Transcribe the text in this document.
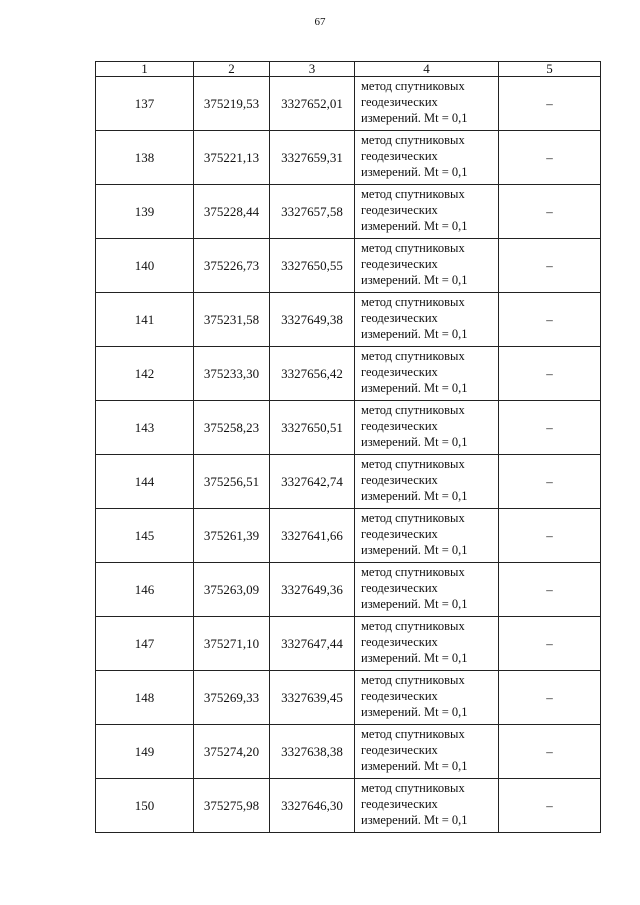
67
1	2	3	4	5
137	375219,53	3327652,01	метод спутниковых
геодезических
измерений. Mt = 0,1	–
138	375221,13	3327659,31	метод спутниковых
геодезических
измерений. Mt = 0,1	–
139	375228,44	3327657,58	метод спутниковых
геодезических
измерений. Mt = 0,1	–
140	375226,73	3327650,55	метод спутниковых
геодезических
измерений. Mt = 0,1	–
141	375231,58	3327649,38	метод спутниковых
геодезических
измерений. Mt = 0,1	–
142	375233,30	3327656,42	метод спутниковых
геодезических
измерений. Mt = 0,1	–
143	375258,23	3327650,51	метод спутниковых
геодезических
измерений. Mt = 0,1	–
144	375256,51	3327642,74	метод спутниковых
геодезических
измерений. Mt = 0,1	–
145	375261,39	3327641,66	метод спутниковых
геодезических
измерений. Mt = 0,1	–
146	375263,09	3327649,36	метод спутниковых
геодезических
измерений. Mt = 0,1	–
147	375271,10	3327647,44	метод спутниковых
геодезических
измерений. Mt = 0,1	–
148	375269,33	3327639,45	метод спутниковых
геодезических
измерений. Mt = 0,1	–
149	375274,20	3327638,38	метод спутниковых
геодезических
измерений. Mt = 0,1	–
150	375275,98	3327646,30	метод спутниковых
геодезических
измерений. Mt = 0,1	–
